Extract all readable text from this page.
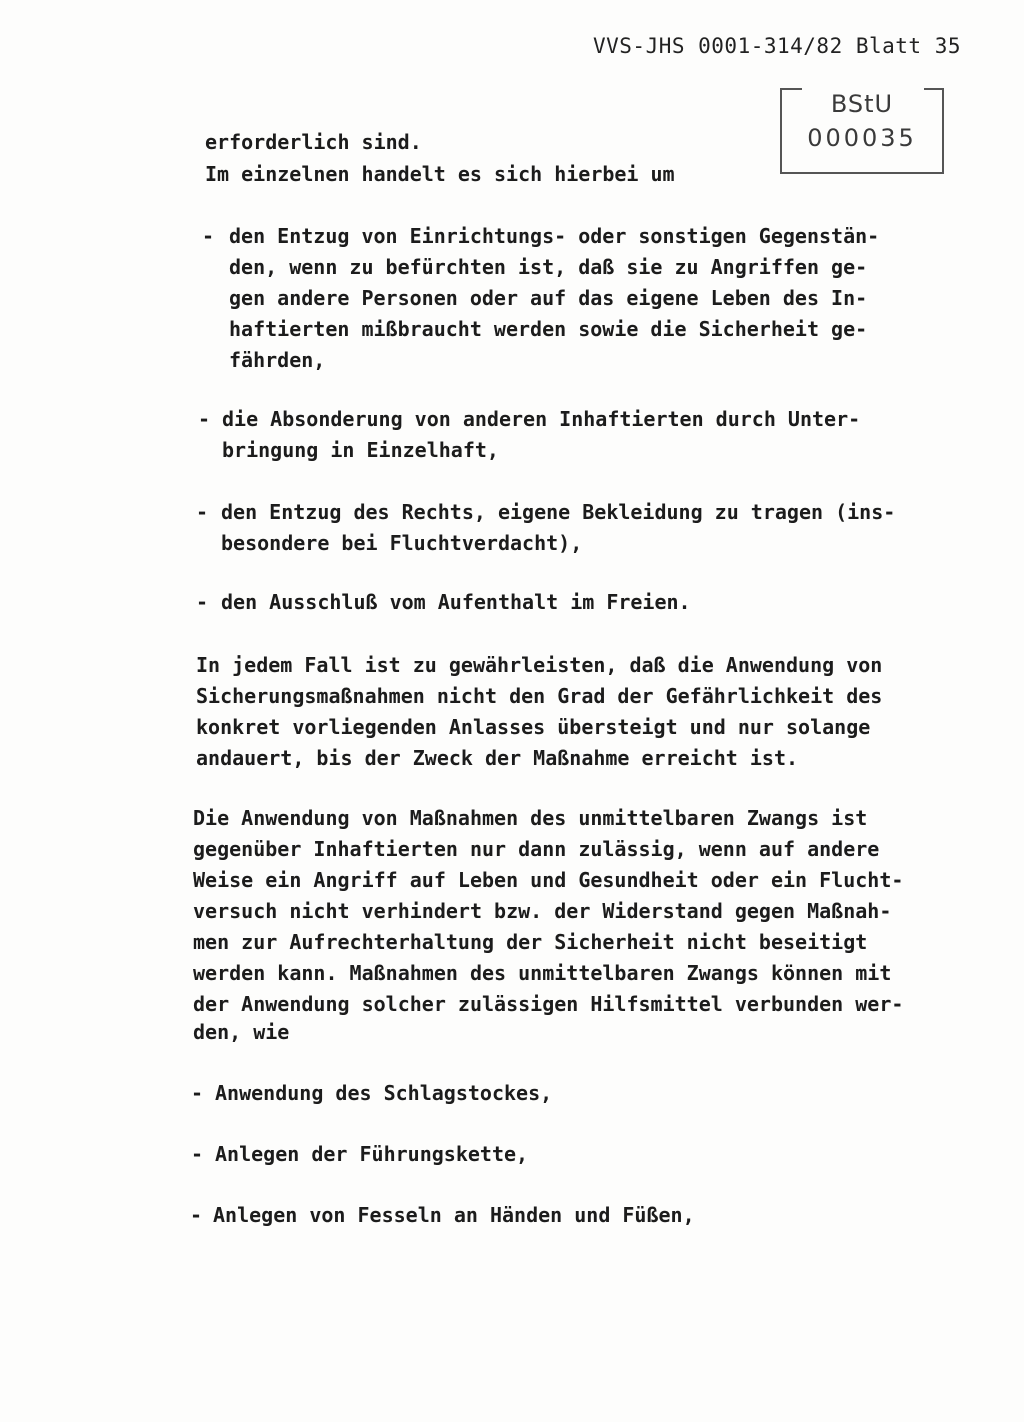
VVS-JHS 0001-314/82 Blatt 35
BStU
000035
erforderlich sind.
Im einzelnen handelt es sich hierbei um
- den Entzug von Einrichtungs- oder sonstigen Gegenstän-
den, wenn zu befürchten ist, daß sie zu Angriffen ge-
gen andere Personen oder auf das eigene Leben des In-
haftierten mißbraucht werden sowie die Sicherheit ge-
fährden,
- die Absonderung von anderen Inhaftierten durch Unter-
bringung in Einzelhaft,
- den Entzug des Rechts, eigene Bekleidung zu tragen (ins-
besondere bei Fluchtverdacht),
- den Ausschluß vom Aufenthalt im Freien.
In jedem Fall ist zu gewährleisten, daß die Anwendung von
Sicherungsmaßnahmen nicht den Grad der Gefährlichkeit des
konkret vorliegenden Anlasses übersteigt und nur solange
andauert, bis der Zweck der Maßnahme erreicht ist.
Die Anwendung von Maßnahmen des unmittelbaren Zwangs ist
gegenüber Inhaftierten nur dann zulässig, wenn auf andere
Weise ein Angriff auf Leben und Gesundheit oder ein Flucht-
versuch nicht verhindert bzw. der Widerstand gegen Maßnah-
men zur Aufrechterhaltung der Sicherheit nicht beseitigt
werden kann. Maßnahmen des unmittelbaren Zwangs können mit
der Anwendung solcher zulässigen Hilfsmittel verbunden wer-
den, wie
- Anwendung des Schlagstockes,
- Anlegen der Führungskette,
- Anlegen von Fesseln an Händen und Füßen,
